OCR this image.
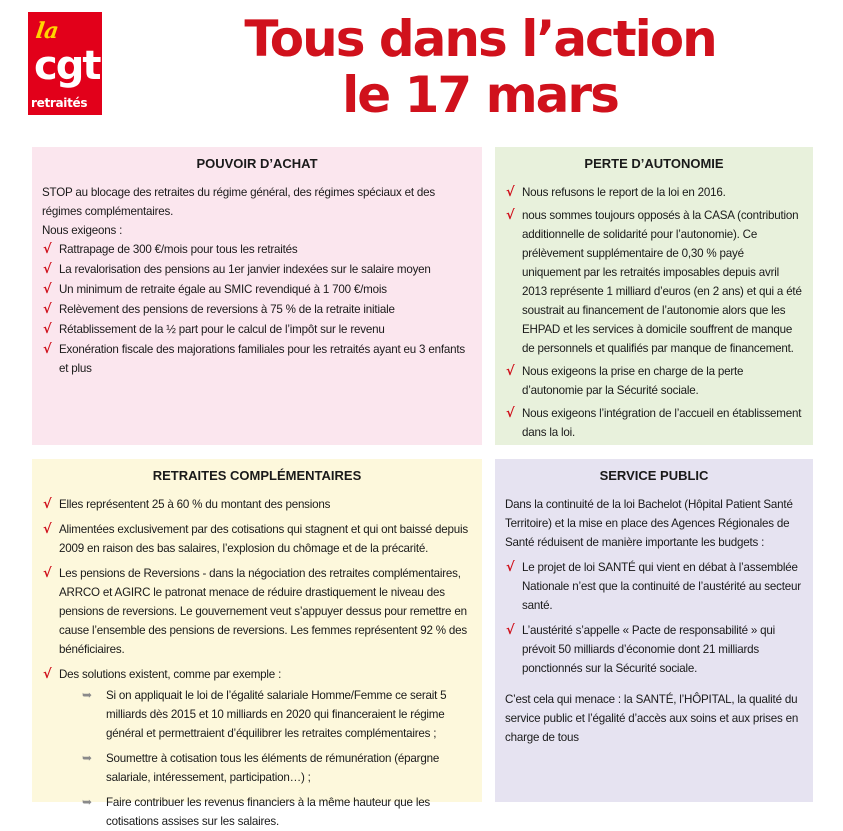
la
cgt
retraités
Tous dans l’action
le 17 mars
POUVOIR D’ACHAT

STOP au blocage des retraites du régime général, des régimes spéciaux et des régimes complémentaires.

Nous exigeons :

√ Rattrapage de 300 €/mois pour tous les retraités
√ La revalorisation des pensions au 1er janvier indexées sur le salaire moyen
√ Un minimum de retraite égale au SMIC revendiqué à 1 700 €/mois
√ Relèvement des pensions de reversions à 75 % de la retraite initiale
√ Rétablissement de la ½ part pour le calcul de l’impôt sur le revenu
√ Exonération fiscale des majorations familiales pour les retraités ayant eu 3 enfants et plus
PERTE D’AUTONOMIE
√ Nous refusons le report de la loi en 2016.
√ nous sommes toujours opposés à la CASA (contribution additionnelle de solidarité pour l’autonomie). Ce prélèvement supplémentaire de 0,30 % payé uniquement par les retraités imposables depuis avril 2013 représente 1 milliard d’euros (en 2 ans) et qui a été soustrait au financement de l’autonomie alors que les EHPAD et les services à domicile souffrent de manque de personnels et qualifiés par manque de financement.
√ Nous exigeons la prise en charge de la perte d’autonomie par la Sécurité sociale.
√ Nous exigeons l’intégration de l’accueil en établissement dans la loi.
RETRAITES COMPLÉMENTAIRES
√ Elles représentent 25 à 60 % du montant des pensions
√ Alimentées exclusivement par des cotisations qui stagnent et qui ont baissé depuis 2009 en raison des bas salaires, l’explosion du chômage et de la précarité.
√ Les pensions de Reversions - dans la négociation des retraites complémentaires, ARRCO et AGIRC le patronat menace de réduire drastiquement le niveau des pensions de reversions. Le gouvernement veut s’appuyer dessus pour remettre en cause l’ensemble des pensions de reversions. Les femmes représentent 92 % des bénéficiaires.
√ Des solutions existent, comme par exemple :
➥ Si on appliquait le loi de l’égalité salariale Homme/Femme ce serait 5 milliards dès 2015 et 10 milliards en 2020 qui financeraient le régime général et permettraient d’équilibrer les retraites complémentaires ;
➥ Soumettre à cotisation tous les éléments de rémunération (épargne salariale, intéressement, participation…) ;
➥ Faire contribuer les revenus financiers à la même hauteur que les cotisations assises sur les salaires.
SERVICE PUBLIC

Dans la continuité de la loi Bachelot (Hôpital Patient Santé Territoire) et la mise en place des Agences Régionales de Santé réduisent de manière importante les budgets :

√ Le projet de loi SANTÉ qui vient en débat à l’assemblée Nationale n’est que la continuité de l’austérité au secteur santé.
√ L’austérité s’appelle « Pacte de responsabilité » qui prévoit 50 milliards d’économie dont 21 milliards ponctionnés sur la Sécurité sociale.

C’est cela qui menace : la SANTÉ, l’HÔPITAL, la qualité du service public et l’égalité d’accès aux soins et aux prises en charge de tous
